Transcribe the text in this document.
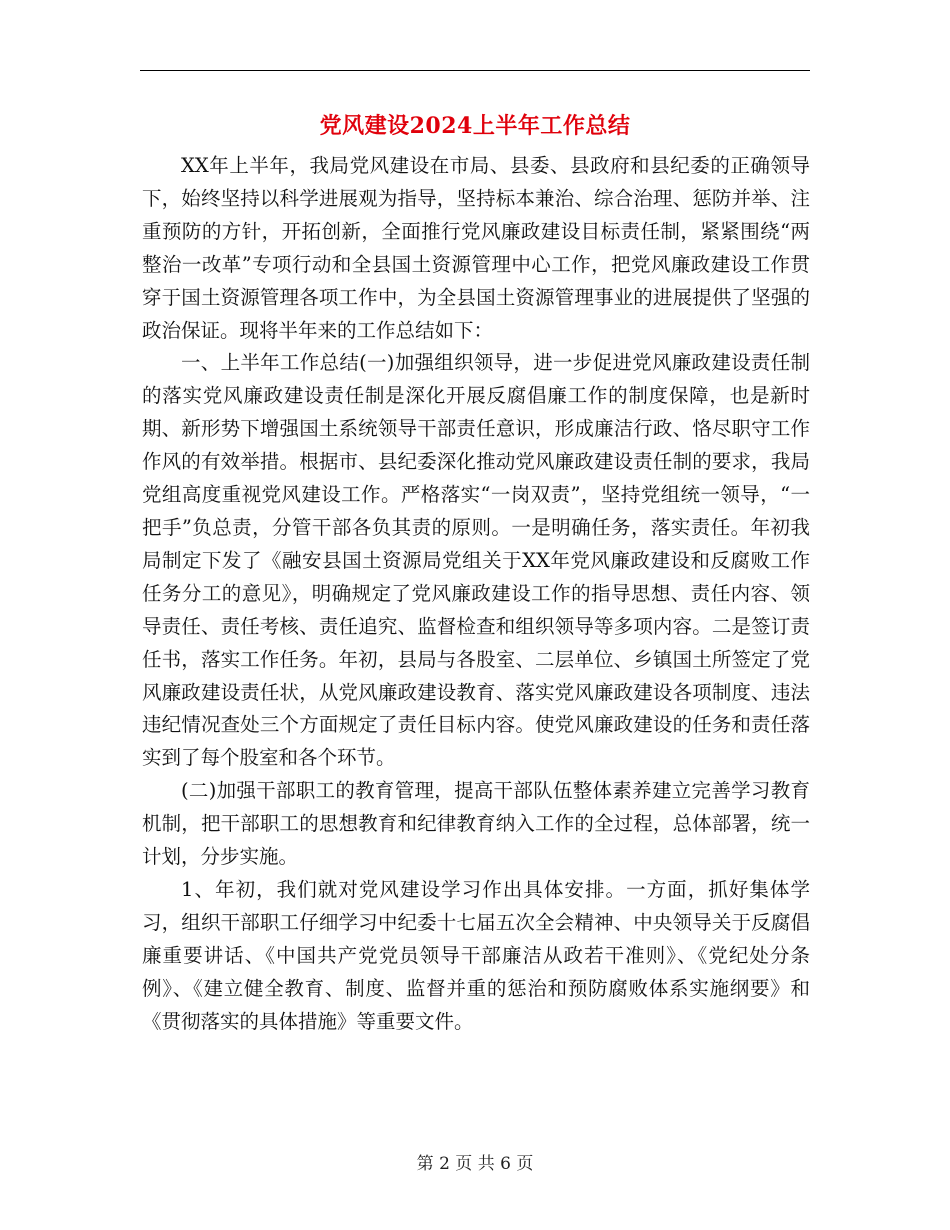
党风建设2024上半年工作总结

XX年上半年，我局党风建设在市局、县委、县政府和县纪委的正确领导下，始终坚持以科学进展观为指导，坚持标本兼治、综合治理、惩防并举、注重预防的方针，开拓创新，全面推行党风廉政建设目标责任制，紧紧围绕“两整治一改革”专项行动和全县国土资源管理中心工作，把党风廉政建设工作贯穿于国土资源管理各项工作中，为全县国土资源管理事业的进展提供了坚强的政治保证。现将半年来的工作总结如下：

一、上半年工作总结(一)加强组织领导，进一步促进党风廉政建设责任制的落实党风廉政建设责任制是深化开展反腐倡廉工作的制度保障，也是新时期、新形势下增强国土系统领导干部责任意识，形成廉洁行政、恪尽职守工作作风的有效举措。根据市、县纪委深化推动党风廉政建设责任制的要求，我局党组高度重视党风建设工作。严格落实“一岗双责”，坚持党组统一领导，“一把手”负总责，分管干部各负其责的原则。一是明确任务，落实责任。年初我局制定下发了《融安县国土资源局党组关于XX年党风廉政建设和反腐败工作任务分工的意见》，明确规定了党风廉政建设工作的指导思想、责任内容、领导责任、责任考核、责任追究、监督检查和组织领导等多项内容。二是签订责任书，落实工作任务。年初，县局与各股室、二层单位、乡镇国土所签定了党风廉政建设责任状，从党风廉政建设教育、落实党风廉政建设各项制度、违法违纪情况查处三个方面规定了责任目标内容。使党风廉政建设的任务和责任落实到了每个股室和各个环节。

(二)加强干部职工的教育管理，提高干部队伍整体素养建立完善学习教育机制，把干部职工的思想教育和纪律教育纳入工作的全过程，总体部署，统一计划，分步实施。

1、年初，我们就对党风建设学习作出具体安排。一方面，抓好集体学习，组织干部职工仔细学习中纪委十七届五次全会精神、中央领导关于反腐倡廉重要讲话、《中国共产党党员领导干部廉洁从政若干准则》、《党纪处分条例》、《建立健全教育、制度、监督并重的惩治和预防腐败体系实施纲要》和《贯彻落实的具体措施》等重要文件。

第 2 页 共 6 页
